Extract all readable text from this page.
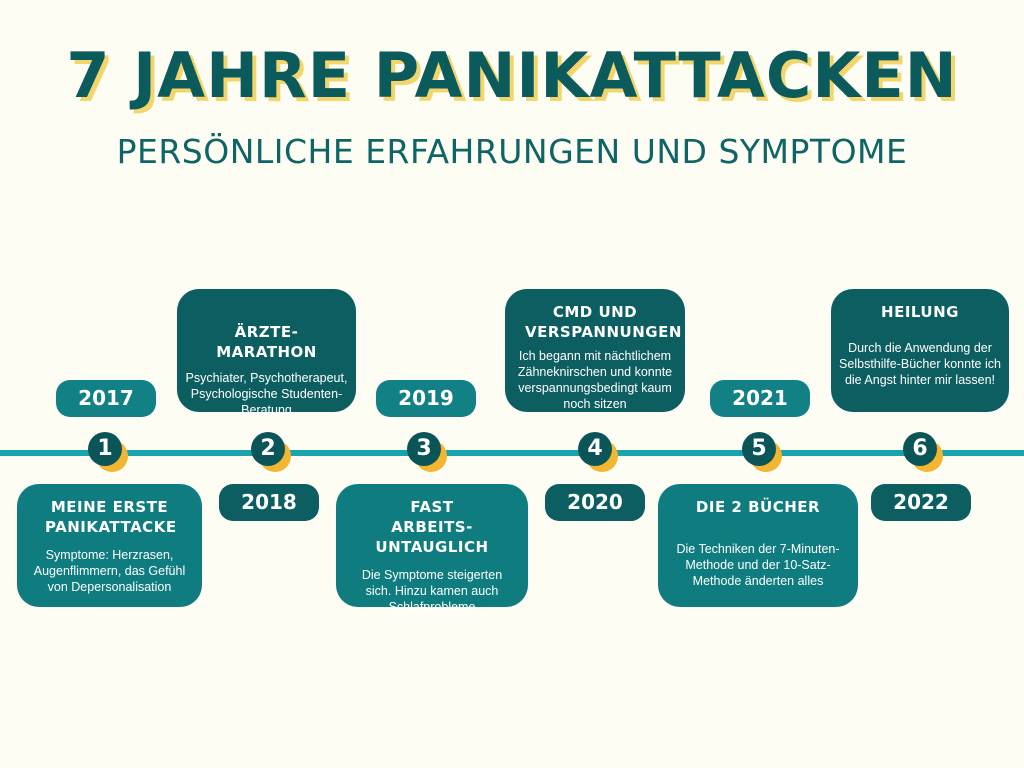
7 JAHRE PANIKATTACKEN
PERSÖNLICHE ERFAHRUNGEN UND SYMPTOME
ÄRZTE-MARATHON
Psychiater, Psychotherapeut, Psychologische Studenten-Beratung
CMD UND VERSPANNUNGEN
Ich begann mit nächtlichem Zähneknirschen und konnte verspannungsbedingt kaum noch sitzen
HEILUNG
Durch die Anwendung der Selbsthilfe-Bücher konnte ich die Angst hinter mir lassen!
MEINE ERSTE PANIKATTACKE
Symptome: Herzrasen, Augenflimmern, das Gefühl von Depersonalisation
FAST ARBEITS-UNTAUGLICH
Die Symptome steigerten sich. Hinzu kamen auch Schlafprobleme
DIE 2 BÜCHER
Die Techniken der 7-Minuten-Methode und der 10-Satz-Methode änderten alles
2017
2018
2019
2020
2021
2022
1	2	3	4	5	6
